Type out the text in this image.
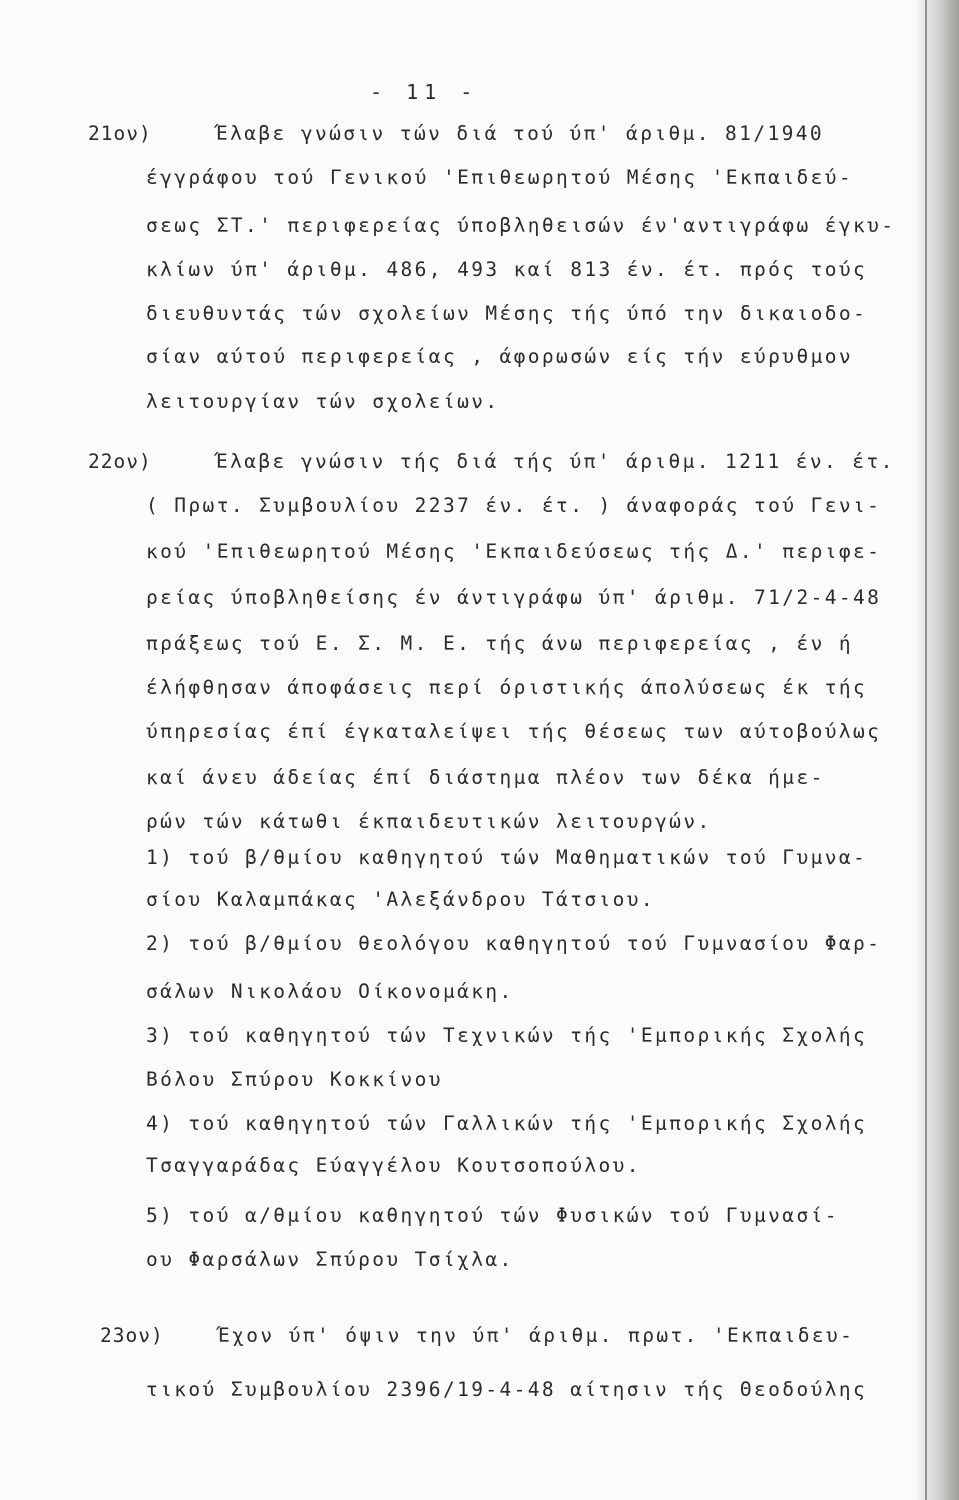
- 11 -
21ον)	Έλαβε γνώσιν τών διά τού ύπ' άριθμ. 81/1940
έγγράφου τού Γενικού 'Επιθεωρητού Μέσης 'Εκπαιδεύ-
σεως ΣΤ.' περιφερείας ύποβληθεισών έν'αντιγράφω έγκυ-
κλίων ύπ' άριθμ. 486, 493 καί 813 έν. έτ. πρός τούς
διευθυντάς τών σχολείων Μέσης τής ύπό την δικαιοδο-
σίαν αύτού περιφερείας , άφορωσών είς τήν εύρυθμον
λειτουργίαν τών σχολείων.
22ον)	Έλαβε γνώσιν τής διά τής ύπ' άριθμ. 1211 έν. έτ.
( Πρωτ. Συμβουλίου 2237 έν. έτ. ) άναφοράς τού Γενι-
κού 'Επιθεωρητού Μέσης 'Εκπαιδεύσεως τής Δ.' περιφε-
ρείας ύποβληθείσης έν άντιγράφω ύπ' άριθμ. 71/2-4-48
πράξεως τού Ε. Σ. Μ. Ε. τής άνω περιφερείας , έν ή
έλήφθησαν άποφάσεις περί όριστικής άπολύσεως έκ τής
ύπηρεσίας έπί έγκαταλείψει τής θέσεως των αύτοβούλως
καί άνευ άδείας έπί διάστημα πλέον των δέκα ήμε-
ρών τών κάτωθι έκπαιδευτικών λειτουργών.
1) τού β/θμίου καθηγητού τών Μαθηματικών τού Γυμνα-
σίου Καλαμπάκας 'Αλεξάνδρου Τάτσιου.
2) τού β/θμίου θεολόγου καθηγητού τού Γυμνασίου Φαρ-
σάλων Νικολάου Οίκονομάκη.
3) τού καθηγητού τών Τεχνικών τής 'Εμπορικής Σχολής
Βόλου Σπύρου Κοκκίνου
4) τού καθηγητού τών Γαλλικών τής 'Εμπορικής Σχολής
Τσαγγαράδας Εύαγγέλου Κουτσοπούλου.
5) τού α/θμίου καθηγητού τών Φυσικών τού Γυμνασί-
ου Φαρσάλων Σπύρου Τσίχλα.
23ον)	Έχον ύπ' όψιν την ύπ' άριθμ. πρωτ. 'Εκπαιδευ-
τικού Συμβουλίου 2396/19-4-48 αίτησιν τής Θεοδούλης
